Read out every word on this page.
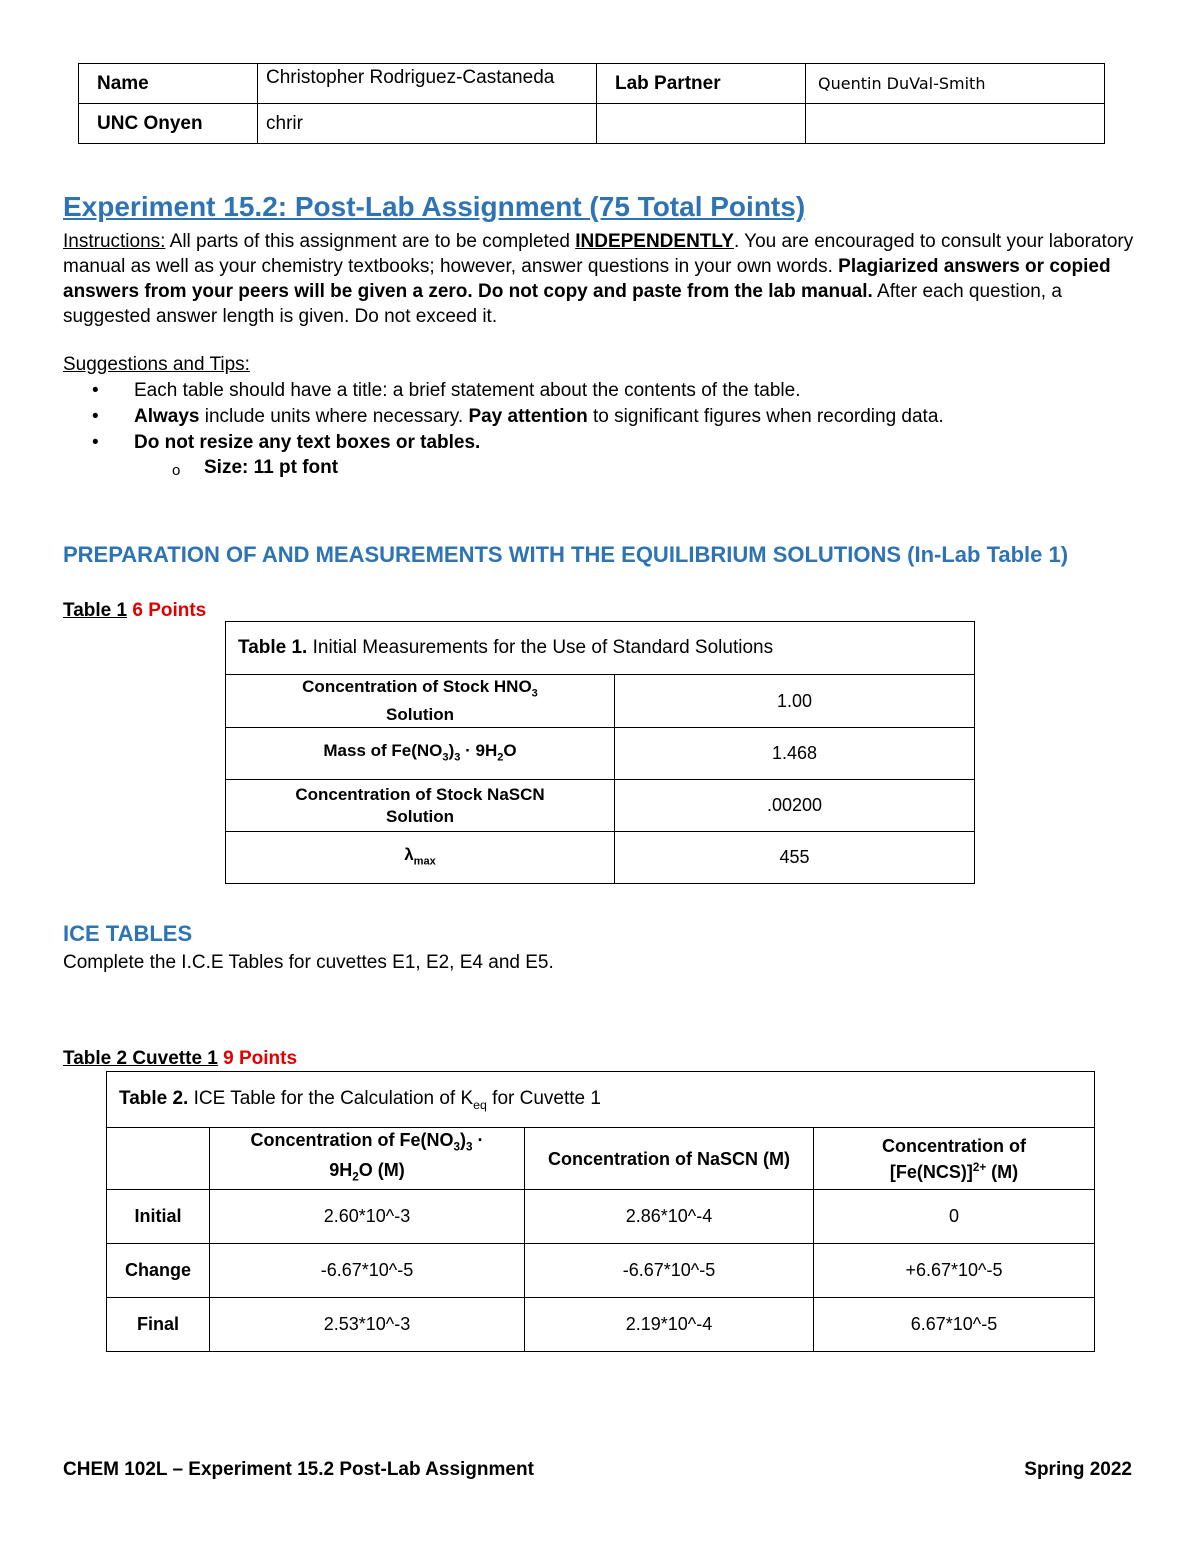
Name	Christopher Rodriguez-Castaneda	Lab Partner	Quentin DuVal-Smith
UNC Onyen	chrir		
Experiment 15.2: Post-Lab Assignment (75 Total Points)
Instructions: All parts of this assignment are to be completed INDEPENDENTLY. You are encouraged to consult your laboratory manual as well as your chemistry textbooks; however, answer questions in your own words. Plagiarized answers or copied answers from your peers will be given a zero. Do not copy and paste from the lab manual. After each question, a suggested answer length is given. Do not exceed it.
Suggestions and Tips:
• Each table should have a title: a brief statement about the contents of the table.
• Always include units where necessary. Pay attention to significant figures when recording data.
• Do not resize any text boxes or tables.
o Size: 11 pt font
PREPARATION OF AND MEASUREMENTS WITH THE EQUILIBRIUM SOLUTIONS (In-Lab Table 1)
Table 1 6 Points
Table 1. Initial Measurements for the Use of Standard Solutions	
Concentration of Stock $HNO_3$
Solution	1.00
Mass of $Fe(NO_3)_3 \cdot 9H_2O$	1.468
Concentration of Stock NaSCN
Solution	.00200
$\lambda_{max}$	455
ICE TABLES
Complete the I.C.E Tables for cuvettes E1, E2, E4 and E5.
Table 2 Cuvette 1 9 Points
Table 2. ICE Table for the Calculation of $K_{eq}$ for Cuvette 1			
	Concentration of $Fe(NO_3)_3$ ·
$9H_2O$ (M)	Concentration of NaSCN (M)	Concentration of
$[Fe(NCS)]^{2+}$ (M)
Initial	2.60*10^-3	2.86*10^-4	0
Change	-6.67*10^-5	-6.67*10^-5	+6.67*10^-5
Final	2.53*10^-3	2.19*10^-4	6.67*10^-5
CHEM 102L – Experiment 15.2 Post-Lab Assignment	Spring 2022
